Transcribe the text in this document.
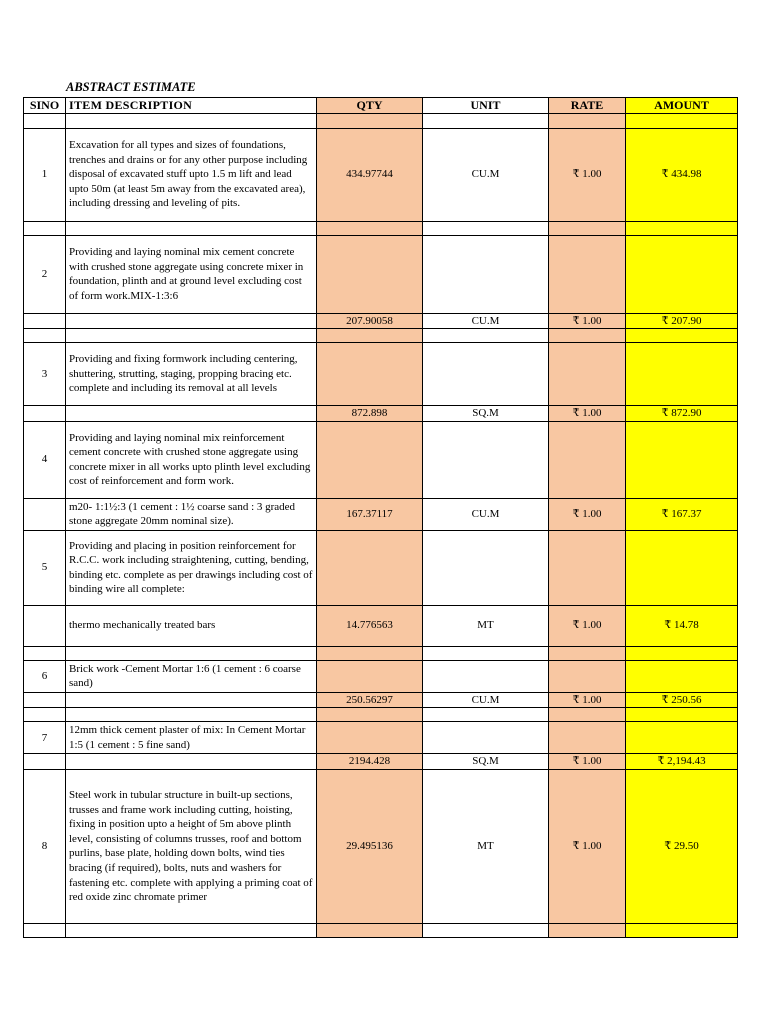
ABSTRACT ESTIMATE
SINO	ITEM DESCRIPTION	QTY	UNIT	RATE	AMOUNT

1	Excavation for all types and sizes of foundations, trenches and drains or for any other purpose including disposal of excavated stuff upto 1.5 m lift and lead upto 50m (at least 5m away from the excavated area), including dressing and leveling of pits.	434.97744	CU.M	₹ 1.00	₹ 434.98

2	Providing and laying nominal mix cement concrete with crushed stone aggregate using concrete mixer in foundation, plinth and at ground level excluding cost of form work.MIX-1:3:6				
		207.90058	CU.M	₹ 1.00	₹ 207.90

3	Providing and fixing formwork including centering, shuttering, strutting, staging, propping bracing etc. complete and including its removal at all levels				
		872.898	SQ.M	₹ 1.00	₹ 872.90
4	Providing and laying nominal mix reinforcement cement concrete with crushed stone aggregate using concrete mixer in all works upto plinth level excluding cost of reinforcement and form work.				
	m20- 1:1½:3 (1 cement : 1½ coarse sand : 3 graded stone aggregate 20mm nominal size).	167.37117	CU.M	₹ 1.00	₹ 167.37
5	Providing and placing in position reinforcement for R.C.C. work including straightening, cutting, bending, binding etc. complete as per drawings including cost of binding wire all complete:				
	thermo mechanically treated bars	14.776563	MT	₹ 1.00	₹ 14.78

6	Brick work -Cement Mortar 1:6 (1 cement : 6 coarse sand)				
		250.56297	CU.M	₹ 1.00	₹ 250.56

7	12mm thick cement plaster of mix: In Cement Mortar 1:5 (1 cement : 5 fine sand)				
		2194.428	SQ.M	₹ 1.00	₹ 2,194.43
8	Steel work in tubular structure in built-up sections, trusses and frame work including cutting, hoisting, fixing in position upto a height of 5m above plinth level, consisting of columns trusses, roof and bottom purlins, base plate, holding down bolts, wind ties bracing (if required), bolts, nuts and washers for fastening etc. complete with applying a priming coat of red oxide zinc chromate primer	29.495136	MT	₹ 1.00	₹ 29.50
